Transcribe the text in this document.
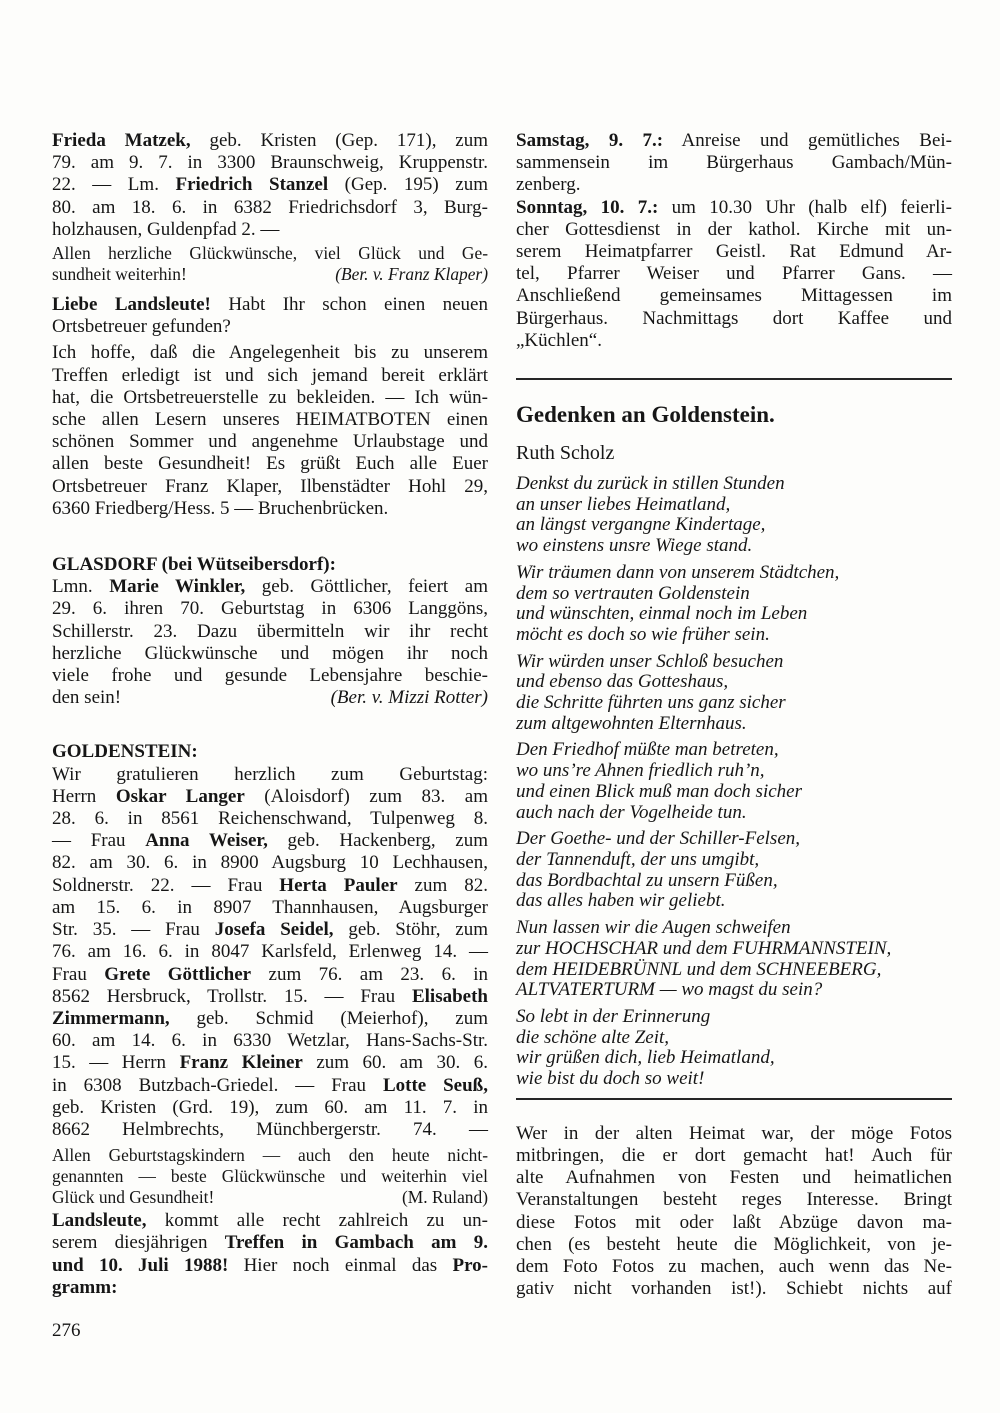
Frieda Matzek, geb. Kristen (Gep. 171), zum
79. am 9. 7. in 3300 Braunschweig, Kruppenstr.
22. — Lm. Friedrich Stanzel (Gep. 195) zum
80. am 18. 6. in 6382 Friedrichsdorf 3, Burg-
holzhausen, Guldenpfad 2. —
Allen herzliche Glückwünsche, viel Glück und Ge-
sundheit weiterhin!	(Ber. v. Franz Klaper)
Liebe Landsleute! Habt Ihr schon einen neuen
Ortsbetreuer gefunden?
Ich hoffe, daß die Angelegenheit bis zu unserem
Treffen erledigt ist und sich jemand bereit erklärt
hat, die Ortsbetreuerstelle zu bekleiden. — Ich wün-
sche allen Lesern unseres HEIMATBOTEN einen
schönen Sommer und angenehme Urlaubstage und
allen beste Gesundheit! Es grüßt Euch alle Euer
Ortsbetreuer Franz Klaper, Ilbenstädter Hohl 29,
6360 Friedberg/Hess. 5 — Bruchenbrücken.
GLASDORF (bei Wütseibersdorf):
Lmn. Marie Winkler, geb. Göttlicher, feiert am
29. 6. ihren 70. Geburtstag in 6306 Langgöns,
Schillerstr. 23. Dazu übermitteln wir ihr recht
herzliche Glückwünsche und mögen ihr noch
viele frohe und gesunde Lebensjahre beschie-
den sein!	(Ber. v. Mizzi Rotter)
GOLDENSTEIN:
Wir gratulieren herzlich zum Geburtstag:
Herrn Oskar Langer (Aloisdorf) zum 83. am
28. 6. in 8561 Reichenschwand, Tulpenweg 8.
— Frau Anna Weiser, geb. Hackenberg, zum
82. am 30. 6. in 8900 Augsburg 10 Lechhausen,
Soldnerstr. 22. — Frau Herta Pauler zum 82.
am 15. 6. in 8907 Thannhausen, Augsburger
Str. 35. — Frau Josefa Seidel, geb. Stöhr, zum
76. am 16. 6. in 8047 Karlsfeld, Erlenweg 14. —
Frau Grete Göttlicher zum 76. am 23. 6. in
8562 Hersbruck, Trollstr. 15. — Frau Elisabeth
Zimmermann, geb. Schmid (Meierhof), zum
60. am 14. 6. in 6330 Wetzlar, Hans-Sachs-Str.
15. — Herrn Franz Kleiner zum 60. am 30. 6.
in 6308 Butzbach-Griedel. — Frau Lotte Seuß,
geb. Kristen (Grd. 19), zum 60. am 11. 7. in
8662 Helmbrechts, Münchbergerstr. 74. —
Allen Geburtstagskindern — auch den heute nicht-
genannten — beste Glückwünsche und weiterhin viel
Glück und Gesundheit!	(M. Ruland)
Landsleute, kommt alle recht zahlreich zu un-
serem diesjährigen Treffen in Gambach am 9.
und 10. Juli 1988! Hier noch einmal das Pro-
gramm:
Samstag, 9. 7.: Anreise und gemütliches Bei-
sammensein im Bürgerhaus Gambach/Mün-
zenberg.
Sonntag, 10. 7.: um 10.30 Uhr (halb elf) feierli-
cher Gottesdienst in der kathol. Kirche mit un-
serem Heimatpfarrer Geistl. Rat Edmund Ar-
tel, Pfarrer Weiser und Pfarrer Gans. —
Anschließend gemeinsames Mittagessen im
Bürgerhaus. Nachmittags dort Kaffee und
„Küchlen“.
Gedenken an Goldenstein.
Ruth Scholz
Denkst du zurück in stillen Stunden
an unser liebes Heimatland,
an längst vergangne Kindertage,
wo einstens unsre Wiege stand.
Wir träumen dann von unserem Städtchen,
dem so vertrauten Goldenstein
und wünschten, einmal noch im Leben
möcht es doch so wie früher sein.
Wir würden unser Schloß besuchen
und ebenso das Gotteshaus,
die Schritte führten uns ganz sicher
zum altgewohnten Elternhaus.
Den Friedhof müßte man betreten,
wo uns’re Ahnen friedlich ruh’n,
und einen Blick muß man doch sicher
auch nach der Vogelheide tun.
Der Goethe- und der Schiller-Felsen,
der Tannenduft, der uns umgibt,
das Bordbachtal zu unsern Füßen,
das alles haben wir geliebt.
Nun lassen wir die Augen schweifen
zur HOCHSCHAR und dem FUHRMANNSTEIN,
dem HEIDEBRÜNNL und dem SCHNEEBERG,
ALTVATERTURM — wo magst du sein?
So lebt in der Erinnerung
die schöne alte Zeit,
wir grüßen dich, lieb Heimatland,
wie bist du doch so weit!
Wer in der alten Heimat war, der möge Fotos
mitbringen, die er dort gemacht hat! Auch für
alte Aufnahmen von Festen und heimatlichen
Veranstaltungen besteht reges Interesse. Bringt
diese Fotos mit oder laßt Abzüge davon ma-
chen (es besteht heute die Möglichkeit, von je-
dem Foto Fotos zu machen, auch wenn das Ne-
gativ nicht vorhanden ist!). Schiebt nichts auf
276
